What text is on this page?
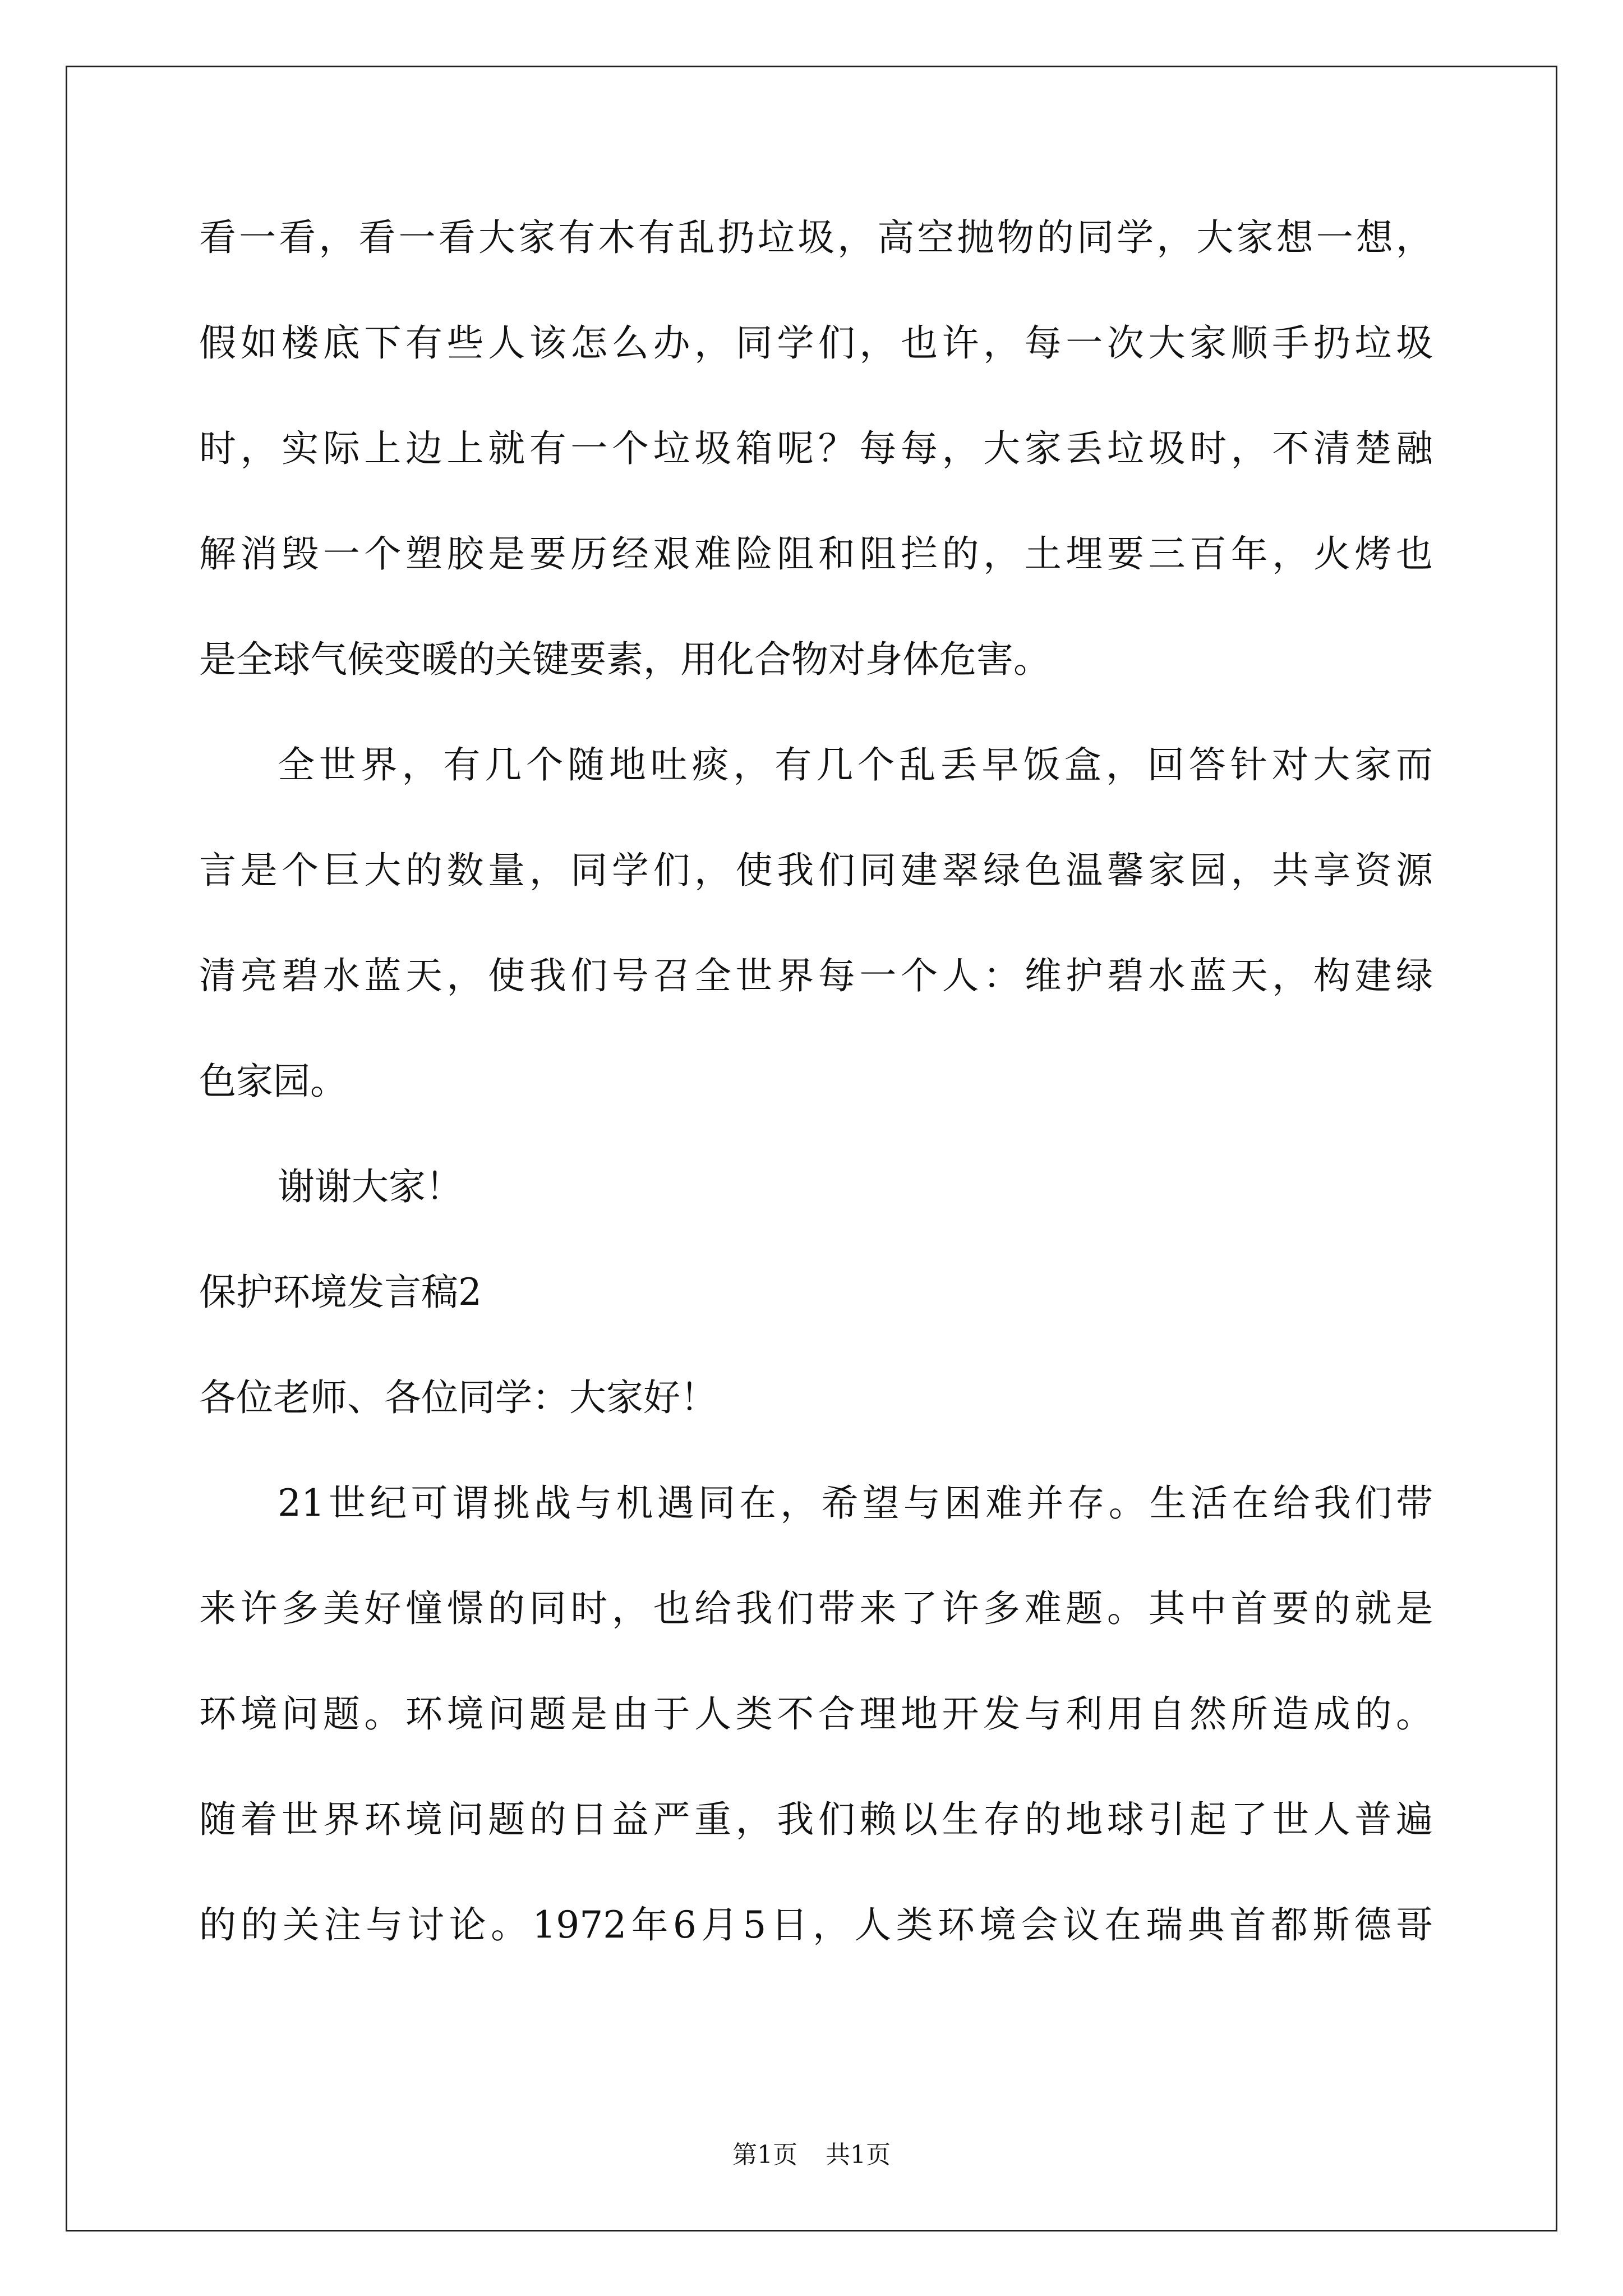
看一看，看一看大家有木有乱扔垃圾，高空抛物的同学，大家想一想，
假如楼底下有些人该怎么办，同学们，也许，每一次大家顺手扔垃圾
时，实际上边上就有一个垃圾箱呢？每每，大家丢垃圾时，不清楚融
解消毁一个塑胶是要历经艰难险阻和阻拦的，土埋要三百年，火烤也
是全球气候变暖的关键要素，用化合物对身体危害。
全世界，有几个随地吐痰，有几个乱丢早饭盒，回答针对大家而
言是个巨大的数量，同学们，使我们同建翠绿色温馨家园，共享资源
清亮碧水蓝天，使我们号召全世界每一个人：维护碧水蓝天，构建绿
色家园。
谢谢大家！
保护环境发言稿2
各位老师、各位同学：大家好！
21世纪可谓挑战与机遇同在，希望与困难并存。生活在给我们带
来许多美好憧憬的同时，也给我们带来了许多难题。其中首要的就是
环境问题。环境问题是由于人类不合理地开发与利用自然所造成的。
随着世界环境问题的日益严重，我们赖以生存的地球引起了世人普遍
的的关注与讨论。1972年6月5日，人类环境会议在瑞典首都斯德哥
第1页 共1页
